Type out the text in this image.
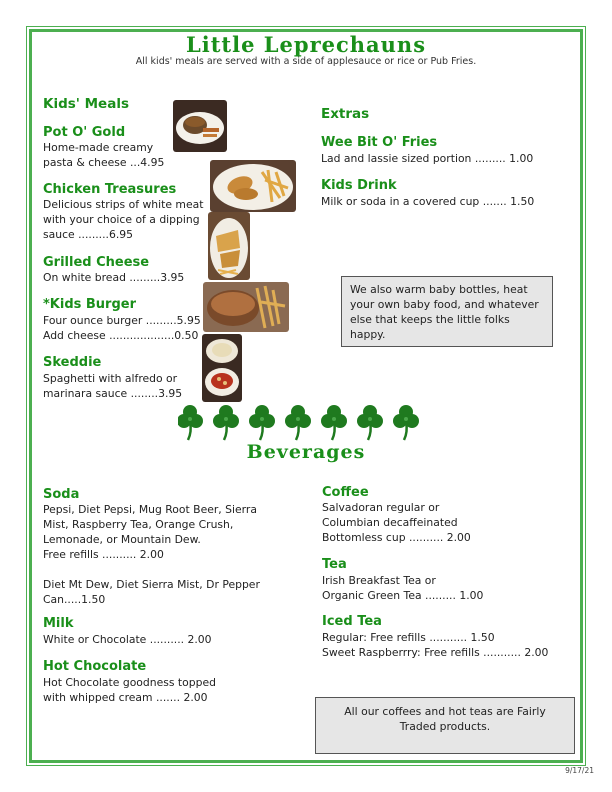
Little Leprechauns
All kids' meals are served with a side of applesauce or rice or Pub Fries.
Kids' Meals
Pot O' Gold
Home-made creamy
pasta & cheese ...4.95
Chicken Treasures
Delicious strips of white meat
with your choice of a dipping
sauce .........6.95
Grilled Cheese
On white bread .........3.95
*Kids Burger
Four ounce burger .........5.95
Add cheese ...................0.50
Skeddie
Spaghetti with alfredo or
marinara sauce ........3.95
Extras
Wee Bit O' Fries
Lad and lassie sized portion ......... 1.00
Kids Drink
Milk or soda in a covered cup ....... 1.50
We also warm baby bottles, heat your own baby food, and whatever else that keeps the little folks happy.
Beverages
Soda
Pepsi, Diet Pepsi, Mug Root Beer, Sierra
Mist, Raspberry Tea, Orange Crush,
Lemonade, or Mountain Dew.
Free refills .......... 2.00

Diet Mt Dew, Diet Sierra Mist, Dr Pepper
Can.....1.50
Milk
White or Chocolate .......... 2.00
Hot Chocolate
Hot Chocolate goodness topped
with whipped cream ....... 2.00
Coffee
Salvadoran regular or
Columbian decaffeinated
Bottomless cup .......... 2.00
Tea
Irish Breakfast Tea or
Organic Green Tea ......... 1.00
Iced Tea
Regular: Free refills ........... 1.50
Sweet Raspberrry: Free refills ........... 2.00
All our coffees and hot teas are Fairly Traded products.
9/17/21
